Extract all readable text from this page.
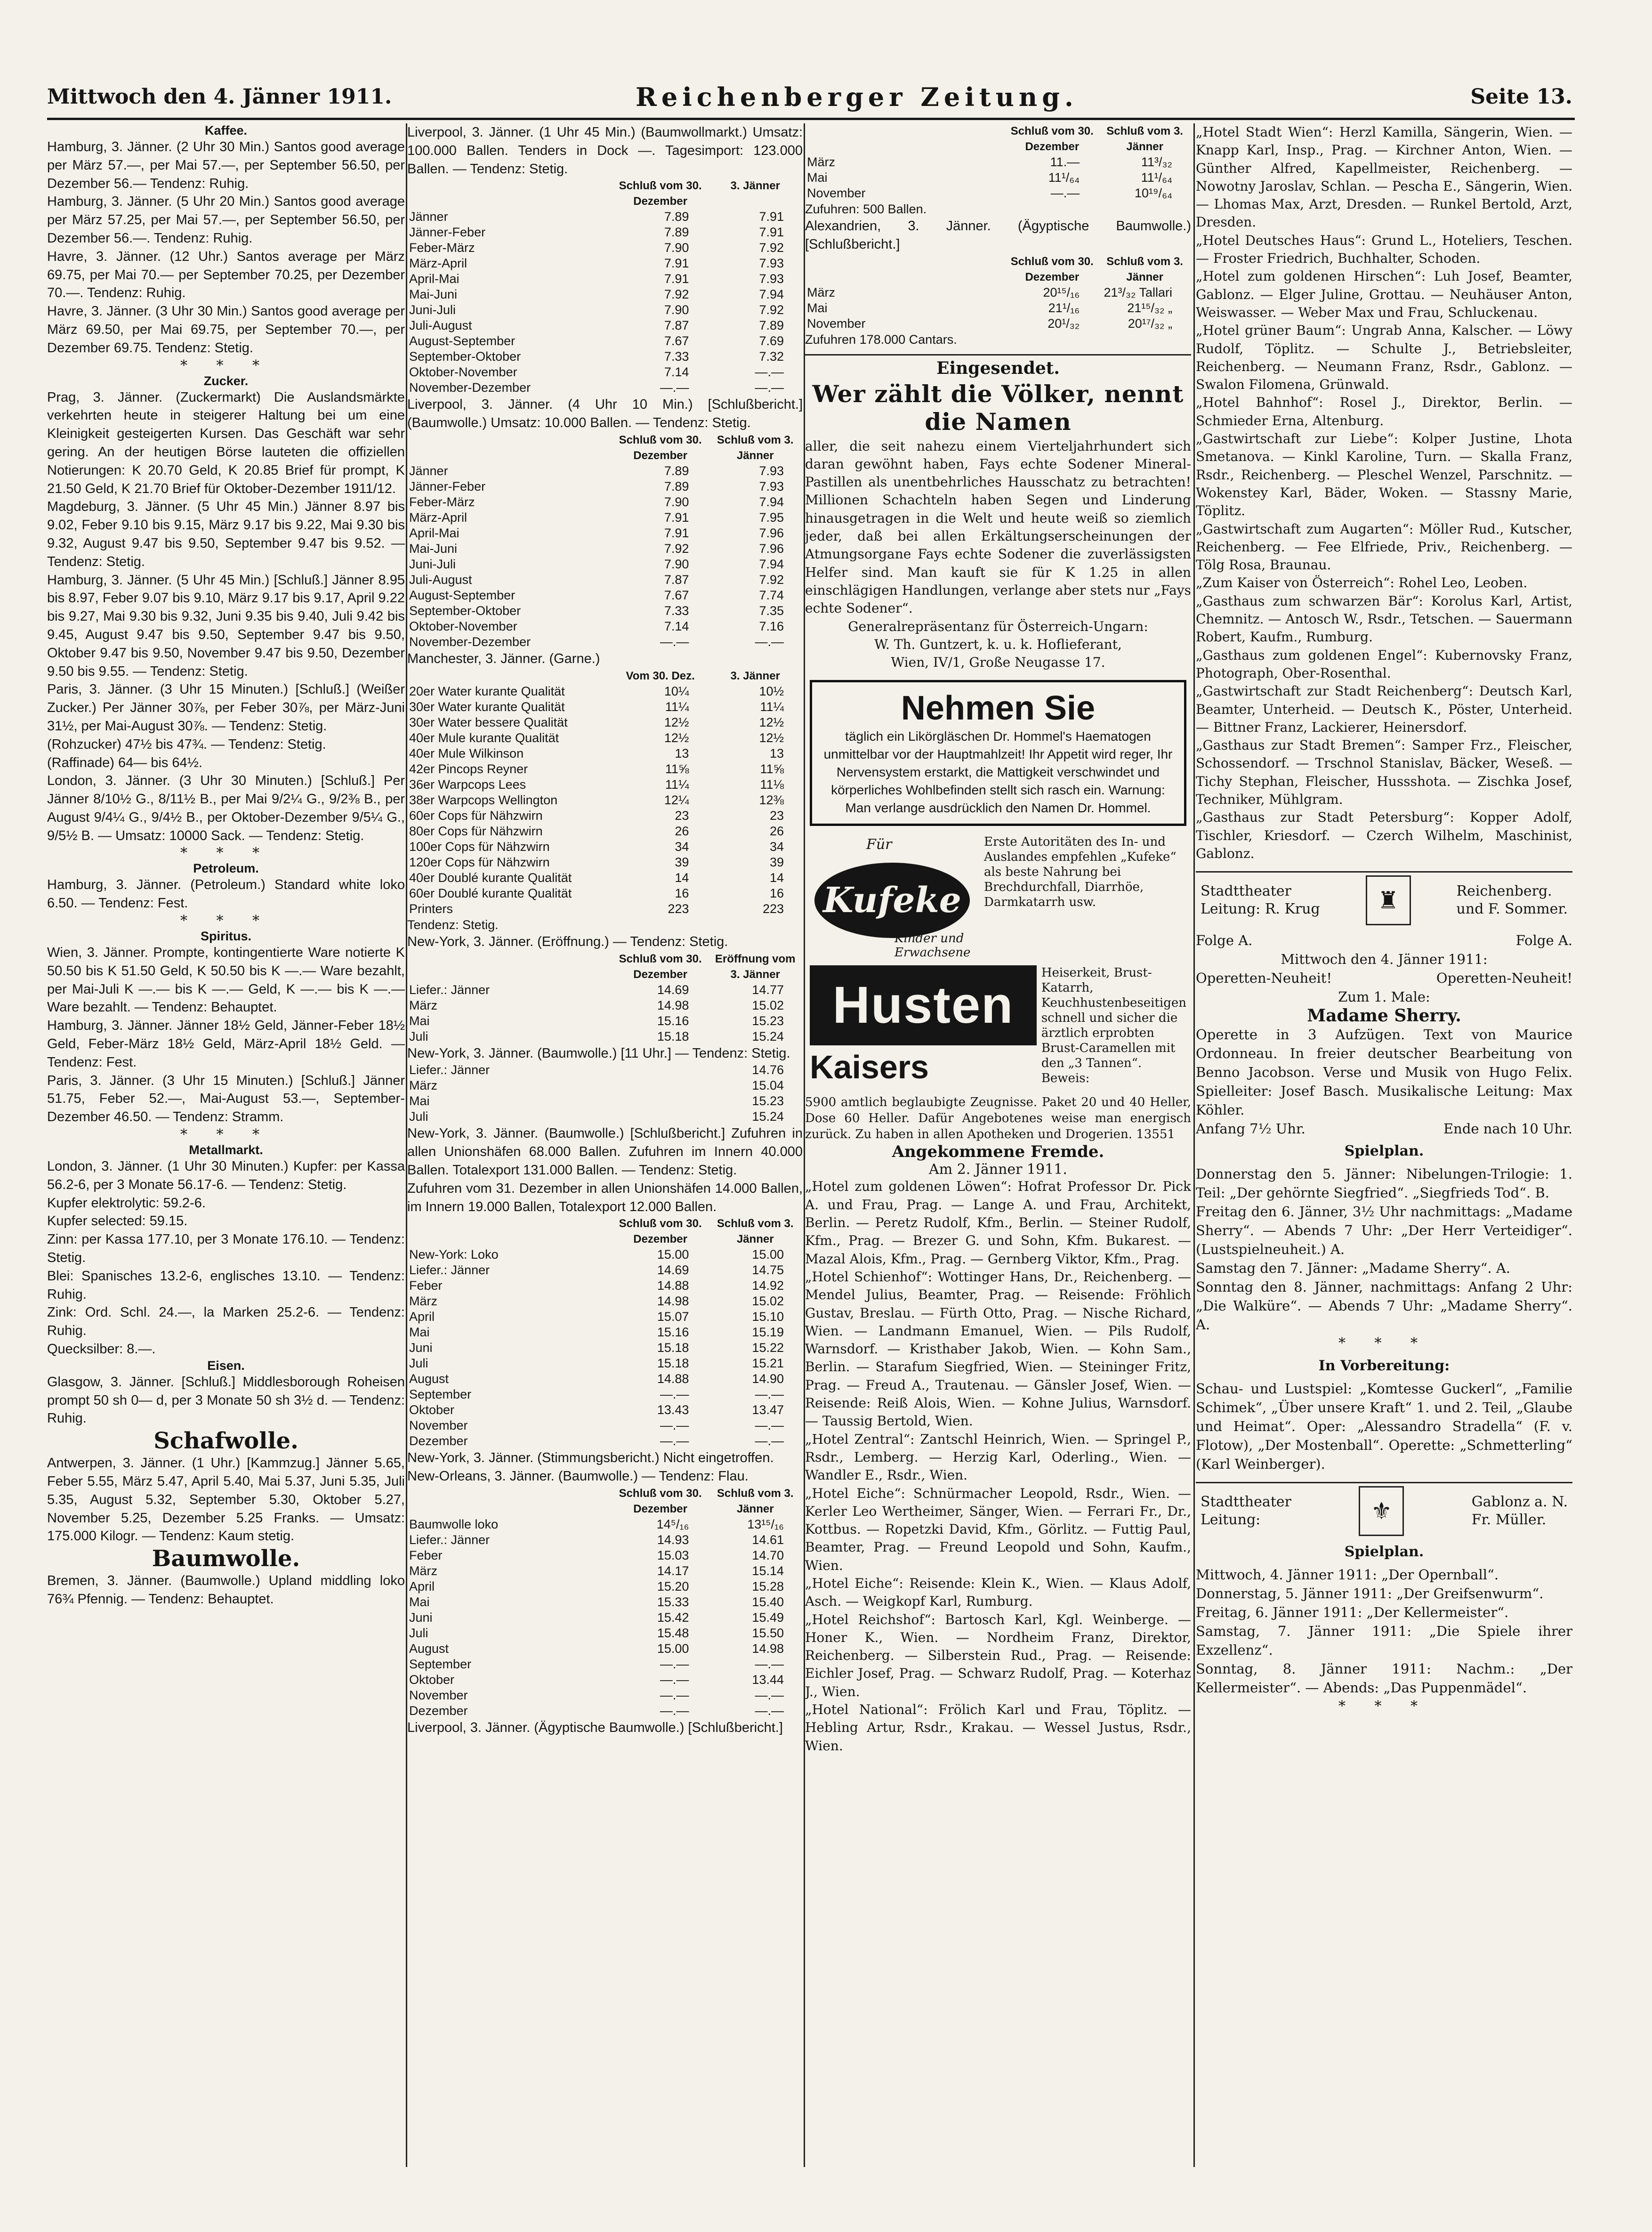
Mittwoch den 4. Jänner 1911.	Reichenberger Zeitung.	Seite 13.

Kaffee.

Hamburg, 3. Jänner. (2 Uhr 30 Min.) Santos good average per März 57.—, per Mai 57.—, per September 56.50, per Dezember 56.— Tendenz: Ruhig.

Hamburg, 3. Jänner. (5 Uhr 20 Min.) Santos good average per März 57.25, per Mai 57.—, per September 56.50, per Dezember 56.—. Tendenz: Ruhig.

Havre, 3. Jänner. (12 Uhr.) Santos average per März 69.75, per Mai 70.— per September 70.25, per Dezember 70.—. Tendenz: Ruhig.

Havre, 3. Jänner. (3 Uhr 30 Min.) Santos good average per März 69.50, per Mai 69.75, per September 70.—, per Dezember 69.75. Tendenz: Stetig.

* * *

Zucker.

Prag, 3. Jänner. (Zuckermarkt) Die Auslandsmärkte verkehrten heute in steigerer Haltung bei um eine Kleinigkeit gesteigerten Kursen. Das Geschäft war sehr gering. An der heutigen Börse lauteten die offiziellen Notierungen: K 20.70 Geld, K 20.85 Brief für prompt, K 21.50 Geld, K 21.70 Brief für Oktober-Dezember 1911/12.

Magdeburg, 3. Jänner. (5 Uhr 45 Min.) Jänner 8.97 bis 9.02, Feber 9.10 bis 9.15, März 9.17 bis 9.22, Mai 9.30 bis 9.32, August 9.47 bis 9.50, September 9.47 bis 9.52. — Tendenz: Stetig.

Hamburg, 3. Jänner. (5 Uhr 45 Min.) [Schluß.] Jänner 8.95 bis 8.97, Feber 9.07 bis 9.10, März 9.17 bis 9.17, April 9.22 bis 9.27, Mai 9.30 bis 9.32, Juni 9.35 bis 9.40, Juli 9.42 bis 9.45, August 9.47 bis 9.50, September 9.47 bis 9.50, Oktober 9.47 bis 9.50, November 9.47 bis 9.50, Dezember 9.50 bis 9.55. — Tendenz: Stetig.

Paris, 3. Jänner. (3 Uhr 15 Minuten.) [Schluß.] (Weißer Zucker.) Per Jänner 30⅞, per Feber 30⅞, per März-Juni 31½, per Mai-August 30⅞. — Tendenz: Stetig.

(Rohzucker) 47½ bis 47¾. — Tendenz: Stetig.

(Raffinade) 64— bis 64½.

London, 3. Jänner. (3 Uhr 30 Minuten.) [Schluß.] Per Jänner 8/10½ G., 8/11½ B., per Mai 9/2¼ G., 9/2⅜ B., per August 9/4¼ G., 9/4½ B., per Oktober-Dezember 9/5¼ G., 9/5½ B. — Umsatz: 10000 Sack. — Tendenz: Stetig.

* * *

Petroleum.

Hamburg, 3. Jänner. (Petroleum.) Standard white loko 6.50. — Tendenz: Fest.

* * *

Spiritus.

Wien, 3. Jänner. Prompte, kontingentierte Ware notierte K 50.50 bis K 51.50 Geld, K 50.50 bis K —.— Ware bezahlt, per Mai-Juli K —.— bis K —.— Geld, K —.— bis K —.— Ware bezahlt. — Tendenz: Behauptet.

Hamburg, 3. Jänner. Jänner 18½ Geld, Jänner-Feber 18½ Geld, Feber-März 18½ Geld, März-April 18½ Geld. — Tendenz: Fest.

Paris, 3. Jänner. (3 Uhr 15 Minuten.) [Schluß.] Jänner 51.75, Feber 52.—, Mai-August 53.—, September-Dezember 46.50. — Tendenz: Stramm.

* * *

Metallmarkt.

London, 3. Jänner. (1 Uhr 30 Minuten.) Kupfer: per Kassa 56.2-6, per 3 Monate 56.17-6. — Tendenz: Stetig.

Kupfer elektrolytic: 59.2-6.

Kupfer selected: 59.15.

Zinn: per Kassa 177.10, per 3 Monate 176.10. — Tendenz: Stetig.

Blei: Spanisches 13.2-6, englisches 13.10. — Tendenz: Ruhig.

Zink: Ord. Schl. 24.—, la Marken 25.2-6. — Tendenz: Ruhig.

Quecksilber: 8.—.

Eisen.

Glasgow, 3. Jänner. [Schluß.] Middlesborough Roheisen prompt 50 sh 0— d, per 3 Monate 50 sh 3½ d. — Tendenz: Ruhig.

Schafwolle.

Antwerpen, 3. Jänner. (1 Uhr.) [Kammzug.] Jänner 5.65, Feber 5.55, März 5.47, April 5.40, Mai 5.37, Juni 5.35, Juli 5.35, August 5.32, September 5.30, Oktober 5.27, November 5.25, Dezember 5.25 Franks. — Umsatz: 175.000 Kilogr. — Tendenz: Kaum stetig.

Baumwolle.

Bremen, 3. Jänner. (Baumwolle.) Upland middling loko 76¾ Pfennig. — Tendenz: Behauptet.

Liverpool, 3. Jänner. (1 Uhr 45 Min.) (Baumwollmarkt.) Umsatz: 100.000 Ballen. Tenders in Dock —. Tagesimport: 123.000 Ballen. — Tendenz: Stetig.

	Schluß vom 30. Dezember	3. Jänner
Jänner	7.89	7.91
Jänner-Feber	7.89	7.91
Feber-März	7.90	7.92
März-April	7.91	7.93
April-Mai	7.91	7.93
Mai-Juni	7.92	7.94
Juni-Juli	7.90	7.92
Juli-August	7.87	7.89
August-September	7.67	7.69
September-Oktober	7.33	7.32
Oktober-November	7.14	—.—
November-Dezember	—.—	—.—

Liverpool, 3. Jänner. (4 Uhr 10 Min.) [Schlußbericht.] (Baumwolle.) Umsatz: 10.000 Ballen. — Tendenz: Stetig.

	Schluß vom 30. Dezember	Schluß vom 3. Jänner
Jänner	7.89	7.93
Jänner-Feber	7.89	7.93
Feber-März	7.90	7.94
März-April	7.91	7.95
April-Mai	7.91	7.96
Mai-Juni	7.92	7.96
Juni-Juli	7.90	7.94
Juli-August	7.87	7.92
August-September	7.67	7.74
September-Oktober	7.33	7.35
Oktober-November	7.14	7.16
November-Dezember	—.—	—.—

Manchester, 3. Jänner. (Garne.)

	Vom 30. Dez.	3. Jänner
20er Water kurante Qualität	10¼	10½
30er Water kurante Qualität	11¼	11¼
30er Water bessere Qualität	12½	12½
40er Mule kurante Qualität	12½	12½
40er Mule Wilkinson	13	13
42er Pincops Reyner	11⅝	11⅝
36er Warpcops Lees	11¼	11⅛
38er Warpcops Wellington	12¼	12⅜
60er Cops für Nähzwirn	23	23
80er Cops für Nähzwirn	26	26
100er Cops für Nähzwirn	34	34
120er Cops für Nähzwirn	39	39
40er Doublé kurante Qualität	14	14
60er Doublé kurante Qualität	16	16
Printers	223	223

Tendenz: Stetig.

New-York, 3. Jänner. (Eröffnung.) — Tendenz: Stetig.

	Schluß vom 30. Dezember	Eröffnung vom 3. Jänner
Liefer.: Jänner	14.69	14.77
März	14.98	15.02
Mai	15.16	15.23
Juli	15.18	15.24

New-York, 3. Jänner. (Baumwolle.) [11 Uhr.] — Tendenz: Stetig.

Liefer.: Jänner		14.76
März		15.04
Mai		15.23
Juli		15.24

New-York, 3. Jänner. (Baumwolle.) [Schlußbericht.] Zufuhren in allen Unionshäfen 68.000 Ballen. Zufuhren im Innern 40.000 Ballen. Totalexport 131.000 Ballen. — Tendenz: Stetig.

Zufuhren vom 31. Dezember in allen Unionshäfen 14.000 Ballen, im Innern 19.000 Ballen, Totalexport 12.000 Ballen.

	Schluß vom 30. Dezember	Schluß vom 3. Jänner
New-York: Loko	15.00	15.00
Liefer.: Jänner	14.69	14.75
Feber	14.88	14.92
März	14.98	15.02
April	15.07	15.10
Mai	15.16	15.19
Juni	15.18	15.22
Juli	15.18	15.21
August	14.88	14.90
September	—.—	—.—
Oktober	13.43	13.47
November	—.—	—.—
Dezember	—.—	—.—

New-York, 3. Jänner. (Stimmungsbericht.) Nicht eingetroffen.

New-Orleans, 3. Jänner. (Baumwolle.) — Tendenz: Flau.

	Schluß vom 30. Dezember	Schluß vom 3. Jänner
Baumwolle loko	14⁵/₁₆	13¹⁵/₁₆
Liefer.: Jänner	14.93	14.61
Feber	15.03	14.70
März	14.17	15.14
April	15.20	15.28
Mai	15.33	15.40
Juni	15.42	15.49
Juli	15.48	15.50
August	15.00	14.98
September	—.—	—.—
Oktober	—.—	13.44
November	—.—	—.—
Dezember	—.—	—.—

Liverpool, 3. Jänner. (Ägyptische Baumwolle.) [Schlußbericht.]

	Schluß vom 30. Dezember	Schluß vom 3. Jänner
März	11.—	11³/₃₂
Mai	11¹/₆₄	11¹/₆₄
November	—.—	10¹⁹/₆₄

Zufuhren: 500 Ballen.

Alexandrien, 3. Jänner. (Ägyptische Baumwolle.) [Schlußbericht.]

	Schluß vom 30. Dezember	Schluß vom 3. Jänner
März	20¹⁵/₁₆	21³/₃₂ Tallari
Mai	21¹/₁₆	21¹⁵/₃₂ „
November	20¹/₃₂	20¹⁷/₃₂ „

Zufuhren 178.000 Cantars.

Eingesendet.

Wer zählt die Völker, nennt die Namen

aller, die seit nahezu einem Vierteljahrhundert sich daran gewöhnt haben, Fays echte Sodener Mineral-Pastillen als unentbehrliches Hausschatz zu betrachten! Millionen Schachteln haben Segen und Linderung hinausgetragen in die Welt und heute weiß so ziemlich jeder, daß bei allen Erkältungserscheinungen der Atmungsorgane Fays echte Sodener die zuverlässigsten Helfer sind. Man kauft sie für K 1.25 in allen einschlägigen Handlungen, verlange aber stets nur „Fays echte Sodener“.

Generalrepräsentanz für Österreich-Ungarn:

W. Th. Guntzert, k. u. k. Hoflieferant,

Wien, IV/1, Große Neugasse 17.

Nehmen Sie
täglich ein Likörgläschen Dr. Hommel's Haematogen unmittelbar vor der Hauptmahlzeit! Ihr Appetit wird reger, Ihr Nervensystem erstarkt, die Mattigkeit verschwindet und körperliches Wohlbefinden stellt sich rasch ein. Warnung: Man verlange ausdrücklich den Namen Dr. Hommel.
Für
Kufeke
Kinder und Erwachsene
Erste Autoritäten des In- und Auslandes empfehlen „Kufeke“ als beste Nahrung bei Brechdurchfall, Diarrhöe, Darmkatarrh usw.
Husten
Kaisers
Heiserkeit, Brust-Katarrh, Keuchhustenbeseitigen schnell und sicher die ärztlich erprobten Brust-Caramellen mit den „3 Tannen“. Beweis:

5900 amtlich beglaubigte Zeugnisse. Paket 20 und 40 Heller, Dose 60 Heller. Dafür Angebotenes weise man energisch zurück. Zu haben in allen Apotheken und Drogerien. 13551

Angekommene Fremde.

Am 2. Jänner 1911.

„Hotel zum goldenen Löwen“: Hofrat Professor Dr. Pick A. und Frau, Prag. — Lange A. und Frau, Architekt, Berlin. — Peretz Rudolf, Kfm., Berlin. — Steiner Rudolf, Kfm., Prag. — Brezer G. und Sohn, Kfm. Bukarest. — Mazal Alois, Kfm., Prag. — Gernberg Viktor, Kfm., Prag.

„Hotel Schienhof“: Wottinger Hans, Dr., Reichenberg. — Mendel Julius, Beamter, Prag. — Reisende: Fröhlich Gustav, Breslau. — Fürth Otto, Prag. — Nische Richard, Wien. — Landmann Emanuel, Wien. — Pils Rudolf, Warnsdorf. — Kristhaber Jakob, Wien. — Kohn Sam., Berlin. — Starafum Siegfried, Wien. — Steininger Fritz, Prag. — Freud A., Trautenau. — Gänsler Josef, Wien. — Reisende: Reiß Alois, Wien. — Kohne Julius, Warnsdorf. — Taussig Bertold, Wien.

„Hotel Zentral“: Zantschl Heinrich, Wien. — Springel P., Rsdr., Lemberg. — Herzig Karl, Oderling., Wien. — Wandler E., Rsdr., Wien.

„Hotel Eiche“: Schnürmacher Leopold, Rsdr., Wien. — Kerler Leo Wertheimer, Sänger, Wien. — Ferrari Fr., Dr., Kottbus. — Ropetzki David, Kfm., Görlitz. — Futtig Paul, Beamter, Prag. — Freund Leopold und Sohn, Kaufm., Wien.

„Hotel Eiche“: Reisende: Klein K., Wien. — Klaus Adolf, Asch. — Weigkopf Karl, Rumburg.

„Hotel Reichshof“: Bartosch Karl, Kgl. Weinberge. — Honer K., Wien. — Nordheim Franz, Direktor, Reichenberg. — Silberstein Rud., Prag. — Reisende: Eichler Josef, Prag. — Schwarz Rudolf, Prag. — Koterhaz J., Wien.

„Hotel National“: Frölich Karl und Frau, Töplitz. — Hebling Artur, Rsdr., Krakau. — Wessel Justus, Rsdr., Wien.

„Hotel Stadt Wien“: Herzl Kamilla, Sängerin, Wien. — Knapp Karl, Insp., Prag. — Kirchner Anton, Wien. — Günther Alfred, Kapellmeister, Reichenberg. — Nowotny Jaroslav, Schlan. — Pescha E., Sängerin, Wien. — Lhomas Max, Arzt, Dresden. — Runkel Bertold, Arzt, Dresden.

„Hotel Deutsches Haus“: Grund L., Hoteliers, Teschen. — Froster Friedrich, Buchhalter, Schoden.

„Hotel zum goldenen Hirschen“: Luh Josef, Beamter, Gablonz. — Elger Juline, Grottau. — Neuhäuser Anton, Weiswasser. — Weber Max und Frau, Schluckenau.

„Hotel grüner Baum“: Ungrab Anna, Kalscher. — Löwy Rudolf, Töplitz. — Schulte J., Betriebsleiter, Reichenberg. — Neumann Franz, Rsdr., Gablonz. — Swalon Filomena, Grünwald.

„Hotel Bahnhof“: Rosel J., Direktor, Berlin. — Schmieder Erna, Altenburg.

„Gastwirtschaft zur Liebe“: Kolper Justine, Lhota Smetanova. — Kinkl Karoline, Turn. — Skalla Franz, Rsdr., Reichenberg. — Pleschel Wenzel, Parschnitz. — Wokenstey Karl, Bäder, Woken. — Stassny Marie, Töplitz.

„Gastwirtschaft zum Augarten“: Möller Rud., Kutscher, Reichenberg. — Fee Elfriede, Priv., Reichenberg. — Tölg Rosa, Braunau.

„Zum Kaiser von Österreich“: Rohel Leo, Leoben.

„Gasthaus zum schwarzen Bär“: Korolus Karl, Artist, Chemnitz. — Antosch W., Rsdr., Tetschen. — Sauermann Robert, Kaufm., Rumburg.

„Gasthaus zum goldenen Engel“: Kubernovsky Franz, Photograph, Ober-Rosenthal.

„Gastwirtschaft zur Stadt Reichenberg“: Deutsch Karl, Beamter, Unterheid. — Deutsch K., Pöster, Unterheid. — Bittner Franz, Lackierer, Heinersdorf.

„Gasthaus zur Stadt Bremen“: Samper Frz., Fleischer, Schossendorf. — Trschnol Stanislav, Bäcker, Weseß. — Tichy Stephan, Fleischer, Hussshota. — Zischka Josef, Techniker, Mühlgram.

„Gasthaus zur Stadt Petersburg“: Kopper Adolf, Tischler, Kriesdorf. — Czerch Wilhelm, Maschinist, Gablonz.

Stadttheater
Leitung: R. Krug	♜	Reichenberg.
und F. Sommer.
Folge A.	Folge A.
Mittwoch den 4. Jänner 1911:
Operetten-Neuheit!	Operetten-Neuheit!
Zum 1. Male:
Madame Sherry.
Operette in 3 Aufzügen. Text von Maurice Ordonneau. In freier deutscher Bearbeitung von Benno Jacobson. Verse und Musik von Hugo Felix. Spielleiter: Josef Basch. Musikalische Leitung: Max Köhler.
Anfang 7½ Uhr.	Ende nach 10 Uhr.
Spielplan.
Donnerstag den 5. Jänner: Nibelungen-Trilogie: 1. Teil: „Der gehörnte Siegfried“. „Siegfrieds Tod“. B.
Freitag den 6. Jänner, 3½ Uhr nachmittags: „Madame Sherry“. — Abends 7 Uhr: „Der Herr Verteidiger“. (Lustspielneuheit.) A.
Samstag den 7. Jänner: „Madame Sherry“. A.
Sonntag den 8. Jänner, nachmittags: Anfang 2 Uhr: „Die Walküre“. — Abends 7 Uhr: „Madame Sherry“. A.

* * *

In Vorbereitung:
Schau- und Lustspiel: „Komtesse Guckerl“, „Familie Schimek“, „Über unsere Kraft“ 1. und 2. Teil, „Glaube und Heimat“. Oper: „Alessandro Stradella“ (F. v. Flotow), „Der Mostenball“. Operette: „Schmetterling“ (Karl Weinberger).
Stadttheater
Leitung:	⚜	Gablonz a. N.
Fr. Müller.
Spielplan.
Mittwoch, 4. Jänner 1911: „Der Opernball“.
Donnerstag, 5. Jänner 1911: „Der Greifsenwurm“.
Freitag, 6. Jänner 1911: „Der Kellermeister“.
Samstag, 7. Jänner 1911: „Die Spiele ihrer Exzellenz“.
Sonntag, 8. Jänner 1911: Nachm.: „Der Kellermeister“. — Abends: „Das Puppenmädel“.

* * *
